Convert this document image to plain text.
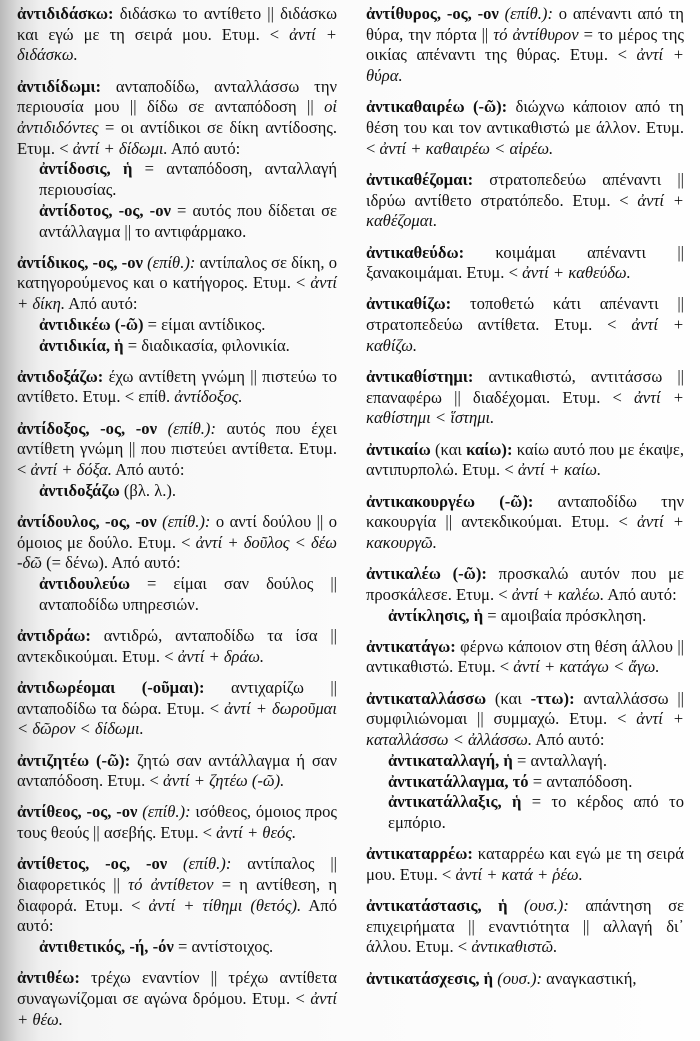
ἀντιδιδάσκω: διδάσκω το αντίθετο || διδάσκω και εγώ με τη σειρά μου. Ετυμ. < ἀντί + διδάσκω.
ἀντιδίδωμι: ανταποδίδω, ανταλλάσσω την περιουσία μου || δίδω σε ανταπόδοση || οἱ ἀντιδιδόντες = οι αντίδικοι σε δίκη αντίδοσης. Ετυμ. < ἀντί + δίδωμι. Από αυτό:
ἀντίδοσις, ἡ = ανταπόδοση, ανταλλαγή περιουσίας.
ἀντίδοτος, -ος, -ον = αυτός που δίδεται σε αντάλλαγμα || το αντιφάρμακο.
ἀντίδικος, -ος, -ον (επίθ.): αντίπαλος σε δίκη, ο κατηγορούμενος και ο κατήγορος. Ετυμ. < ἀντί + δίκη. Από αυτό:
ἀντιδικέω (-ῶ) = είμαι αντίδικος.
ἀντιδικία, ἡ = διαδικασία, φιλονικία.
ἀντιδοξάζω: έχω αντίθετη γνώμη || πιστεύω το αντίθετο. Ετυμ. < επίθ. ἀντίδοξος.
ἀντίδοξος, -ος, -ον (επίθ.): αυτός που έχει αντίθετη γνώμη || που πιστεύει αντίθετα. Ετυμ. < ἀντί + δόξα. Από αυτό:
ἀντιδοξάζω (βλ. λ.).
ἀντίδουλος, -ος, -ον (επίθ.): ο αντί δούλου || ο όμοιος με δούλο. Ετυμ. < ἀντί + δοῦλος < δέω -δῶ (= δένω). Από αυτό:
ἀντιδουλεύω = είμαι σαν δούλος || ανταποδίδω υπηρεσιών.
ἀντιδράω: αντιδρώ, ανταποδίδω τα ίσα || αντεκδικούμαι. Ετυμ. < ἀντί + δράω.
ἀντιδωρέομαι (-οῦμαι): αντιχαρίζω || ανταποδίδω τα δώρα. Ετυμ. < ἀντί + δωροῦμαι < δῶρον < δίδωμι.
ἀντιζητέω (-ῶ): ζητώ σαν αντάλλαγμα ή σαν ανταπόδοση. Ετυμ. < ἀντί + ζητέω (-ῶ).
ἀντίθεος, -ος, -ον (επίθ.): ισόθεος, όμοιος προς τους θεούς || ασεβής. Ετυμ. < ἀντί + θεός.
ἀντίθετος, -ος, -ον (επίθ.): αντίπαλος || διαφορετικός || τό ἀντίθετον = η αντίθεση, η διαφορά. Ετυμ. < ἀντί + τίθημι (θετός). Από αυτό:
ἀντιθετικός, -ή, -όν = αντίστοιχος.
ἀντιθέω: τρέχω εναντίον || τρέχω αντίθετα συναγωνίζομαι σε αγώνα δρόμου. Ετυμ. < ἀντί + θέω.
ἀντίθυρος, -ος, -ον (επίθ.): ο απέναντι από τη θύρα, την πόρτα || τό ἀντίθυρον = το μέρος της οικίας απέναντι της θύρας. Ετυμ. < ἀντί + θύρα.
ἀντικαθαιρέω (-ῶ): διώχνω κάποιον από τη θέση του και τον αντικαθιστώ με άλλον. Ετυμ. < ἀντί + καθαιρέω < αἱρέω.
ἀντικαθέζομαι: στρατοπεδεύω απέναντι || ιδρύω αντίθετο στρατόπεδο. Ετυμ. < ἀντί + καθέζομαι.
ἀντικαθεύδω: κοιμάμαι απέναντι || ξανακοιμάμαι. Ετυμ. < ἀντί + καθεύδω.
ἀντικαθίζω: τοποθετώ κάτι απέναντι || στρατοπεδεύω αντίθετα. Ετυμ. < ἀντί + καθίζω.
ἀντικαθίστημι: αντικαθιστώ, αντιτάσσω || επαναφέρω || διαδέχομαι. Ετυμ. < ἀντί + καθίστημι < ἵστημι.
ἀντικαίω (και καίω): καίω αυτό που με έκαψε, αντιπυρπολώ. Ετυμ. < ἀντί + καίω.
ἀντικακουργέω (-ῶ): ανταποδίδω την κακουργία || αντεκδικούμαι. Ετυμ. < ἀντί + κακουργῶ.
ἀντικαλέω (-ῶ): προσκαλώ αυτόν που με προσκάλεσε. Ετυμ. < ἀντί + καλέω. Από αυτό:
ἀντίκλησις, ἡ = αμοιβαία πρόσκληση.
ἀντικατάγω: φέρνω κάποιον στη θέση άλλου || αντικαθιστώ. Ετυμ. < ἀντί + κατάγω < ἄγω.
ἀντικαταλλάσσω (και -ττω): ανταλλάσσω || συμφιλιώνομαι || συμμαχώ. Ετυμ. < ἀντί + καταλλάσσω < ἀλλάσσω. Από αυτό:
ἀντικαταλλαγή, ἡ = ανταλλαγή.
ἀντικατάλλαγμα, τό = ανταπόδοση.
ἀντικατάλλαξις, ἡ = το κέρδος από το εμπόριο.
ἀντικαταρρέω: καταρρέω και εγώ με τη σειρά μου. Ετυμ. < ἀντί + κατά + ῥέω.
ἀντικατάστασις, ἡ (ουσ.): απάντηση σε επιχειρήματα || εναντιότητα || αλλαγή δι᾽ άλλου. Ετυμ. < ἀντικαθιστῶ.
ἀντικατάσχεσις, ἡ (ουσ.): αναγκαστική,
